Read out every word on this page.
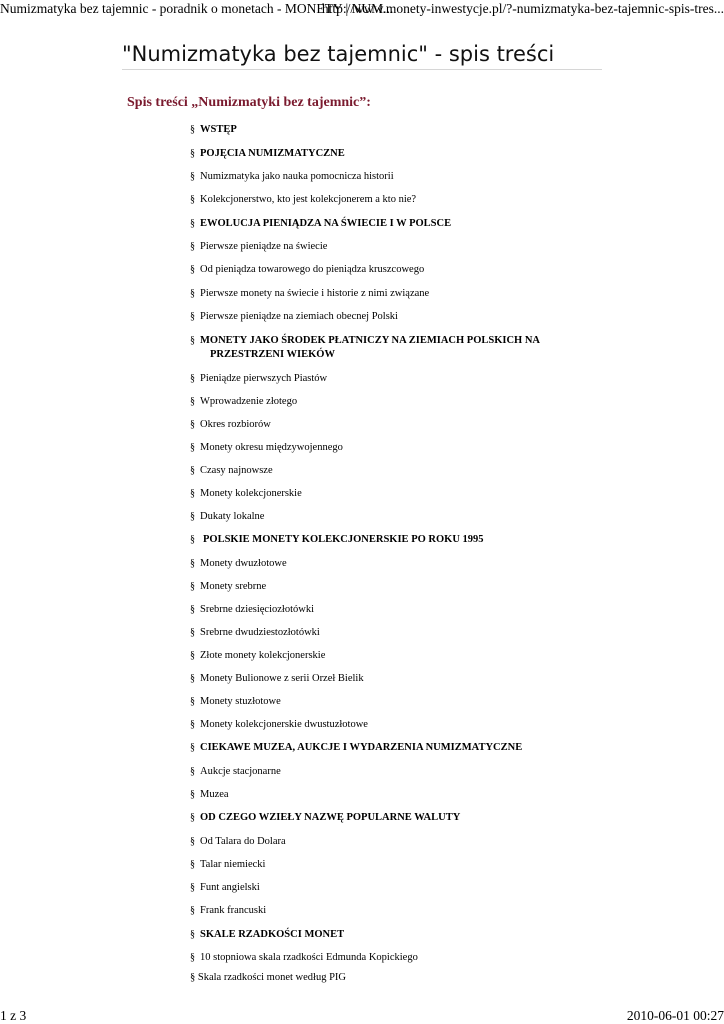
Numizmatyka bez tajemnic - poradnik o monetach - MONETY | NUM...
http://www.monety-inwestycje.pl/?-numizmatyka-bez-tajemnic-spis-tres...
"Numizmatyka bez tajemnic" - spis treści
Spis treści „Numizmatyki bez tajemnic”:
§ WSTĘP
§ POJĘCIA NUMIZMATYCZNE
§ Numizmatyka jako nauka pomocnicza historii
§ Kolekcjonerstwo, kto jest kolekcjonerem a kto nie?
§ EWOLUCJA PIENIĄDZA NA ŚWIECIE I W POLSCE
§ Pierwsze pieniądze na świecie
§ Od pieniądza towarowego do pieniądza kruszcowego
§ Pierwsze monety na świecie i historie z nimi związane
§ Pierwsze pieniądze na ziemiach obecnej Polski
§ MONETY JAKO ŚRODEK PŁATNICZY NA ZIEMIACH POLSKICH NA
PRZESTRZENI WIEKÓW
§ Pieniądze pierwszych Piastów
§ Wprowadzenie złotego
§ Okres rozbiorów
§ Monety okresu międzywojennego
§ Czasy najnowsze
§ Monety kolekcjonerskie
§ Dukaty lokalne
§ POLSKIE MONETY KOLEKCJONERSKIE PO ROKU 1995
§ Monety dwuzłotowe
§ Monety srebrne
§ Srebrne dziesięciozłotówki
§ Srebrne dwudziestozłotówki
§ Złote monety kolekcjonerskie
§ Monety Bulionowe z serii Orzeł Bielik
§ Monety stuzłotowe
§ Monety kolekcjonerskie dwustuzłotowe
§ CIEKAWE MUZEA, AUKCJE I WYDARZENIA NUMIZMATYCZNE
§ Aukcje stacjonarne
§ Muzea
§ OD CZEGO WZIEŁY NAZWĘ POPULARNE WALUTY
§ Od Talara do Dolara
§ Talar niemiecki
§ Funt angielski
§ Frank francuski
§ SKALE RZADKOŚCI MONET
§ 10 stopniowa skala rzadkości Edmunda Kopickiego
§ Skala rzadkości monet według PIG
1 z 3	2010-06-01 00:27
